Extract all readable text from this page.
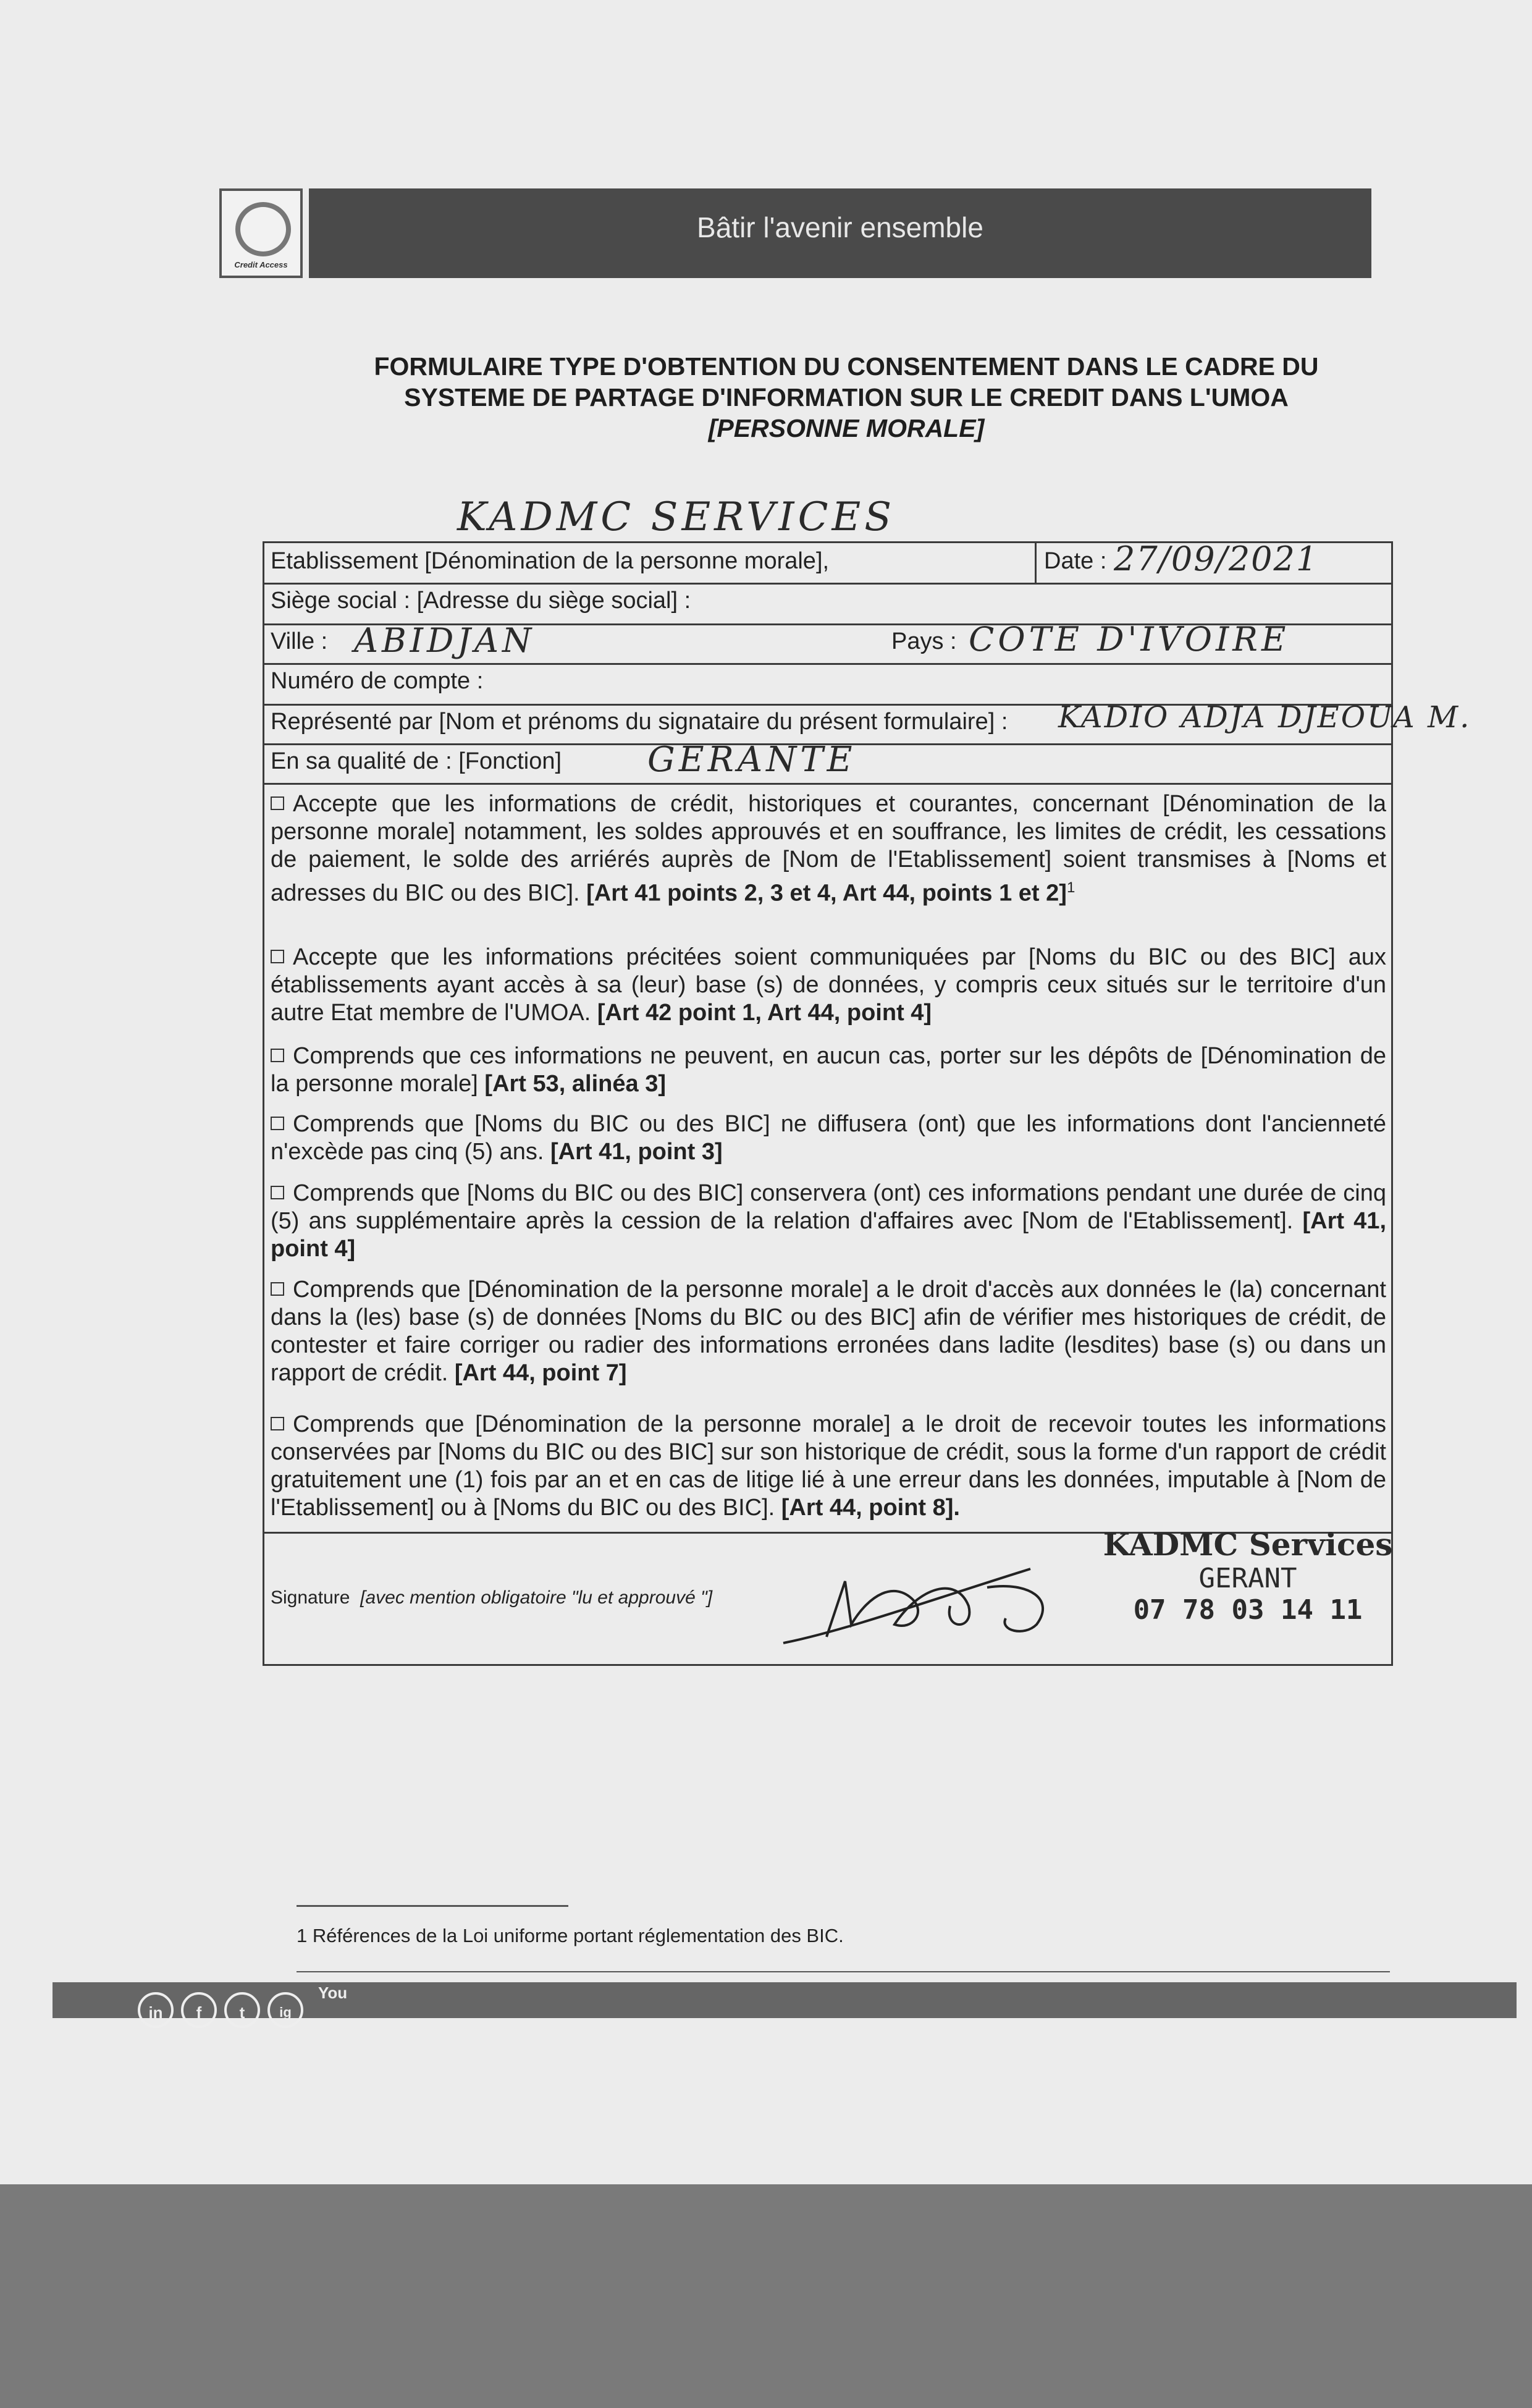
Credit Access
Bâtir l'avenir ensemble
FORMULAIRE TYPE D'OBTENTION DU CONSENTEMENT DANS LE CADRE DU
SYSTEME DE PARTAGE D'INFORMATION SUR LE CREDIT DANS L'UMOA
[PERSONNE MORALE]
KADMC SERVICES
Etablissement [Dénomination de la personne morale],	Date : 27/09/2021
Siège social : [Adresse du siège social] :
Ville : ABIDJAN	Pays : COTE D'IVOIRE
Numéro de compte :
Représenté par [Nom et prénoms du signataire du présent formulaire] : KADIO ADJA DJEOUA M.
En sa qualité de : [Fonction] GERANTE
Accepte que les informations de crédit, historiques et courantes, concernant [Dénomination de la personne morale] notamment, les soldes approuvés et en souffrance, les limites de crédit, les cessations de paiement, le solde des arriérés auprès de [Nom de l'Etablissement] soient transmises à [Noms et adresses du BIC ou des BIC]. [Art 41 points 2, 3 et 4, Art 44, points 1 et 2]$^1$
Accepte que les informations précitées soient communiquées par [Noms du BIC ou des BIC] aux établissements ayant accès à sa (leur) base (s) de données, y compris ceux situés sur le territoire d'un autre Etat membre de l'UMOA. [Art 42 point 1, Art 44, point 4]
Comprends que ces informations ne peuvent, en aucun cas, porter sur les dépôts de [Dénomination de la personne morale] [Art 53, alinéa 3]
Comprends que [Noms du BIC ou des BIC] ne diffusera (ont) que les informations dont l'ancienneté n'excède pas cinq (5) ans. [Art 41, point 3]
Comprends que [Noms du BIC ou des BIC] conservera (ont) ces informations pendant une durée de cinq (5) ans supplémentaire après la cession de la relation d'affaires avec [Nom de l'Etablissement]. [Art 41, point 4]
Comprends que [Dénomination de la personne morale] a le droit d'accès aux données le (la) concernant dans la (les) base (s) de données [Noms du BIC ou des BIC] afin de vérifier mes historiques de crédit, de contester et faire corriger ou radier des informations erronées dans ladite (lesdites) base (s) ou dans un rapport de crédit. [Art 44, point 7]
Comprends que [Dénomination de la personne morale] a le droit de recevoir toutes les informations conservées par [Noms du BIC ou des BIC] sur son historique de crédit, sous la forme d'un rapport de crédit gratuitement une (1) fois par an et en cas de litige lié à une erreur dans les données, imputable à [Nom de l'Etablissement] ou à [Noms du BIC ou des BIC]. [Art 44, point 8].
Signature [avec mention obligatoire "lu et approuvé "]
KADMC Services
GERANT
07 78 03 14 11
1 Références de la Loi uniforme portant réglementation des BIC.
in	f	t	ig
You
